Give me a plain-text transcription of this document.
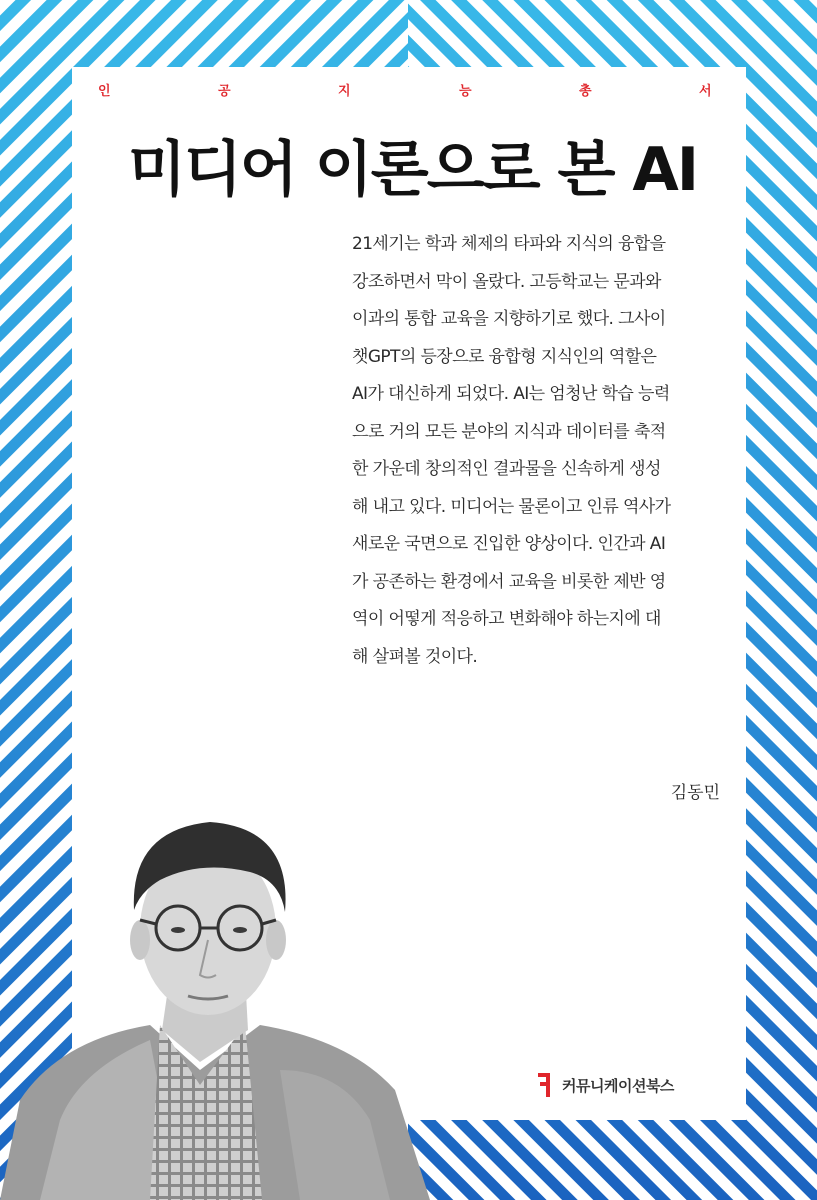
인	공	지	능	총	서
미디어 이론으로 본 AI
21세기는 학과 체제의 타파와 지식의 융합을
강조하면서 막이 올랐다. 고등학교는 문과와
이과의 통합 교육을 지향하기로 했다. 그사이
챗GPT의 등장으로 융합형 지식인의 역할은
AI가 대신하게 되었다. AI는 엄청난 학습 능력
으로 거의 모든 분야의 지식과 데이터를 축적
한 가운데 창의적인 결과물을 신속하게 생성
해 내고 있다. 미디어는 물론이고 인류 역사가
새로운 국면으로 진입한 양상이다. 인간과 AI
가 공존하는 환경에서 교육을 비롯한 제반 영
역이 어떻게 적응하고 변화해야 하는지에 대
해 살펴볼 것이다.
김동민
커뮤니케이션북스
